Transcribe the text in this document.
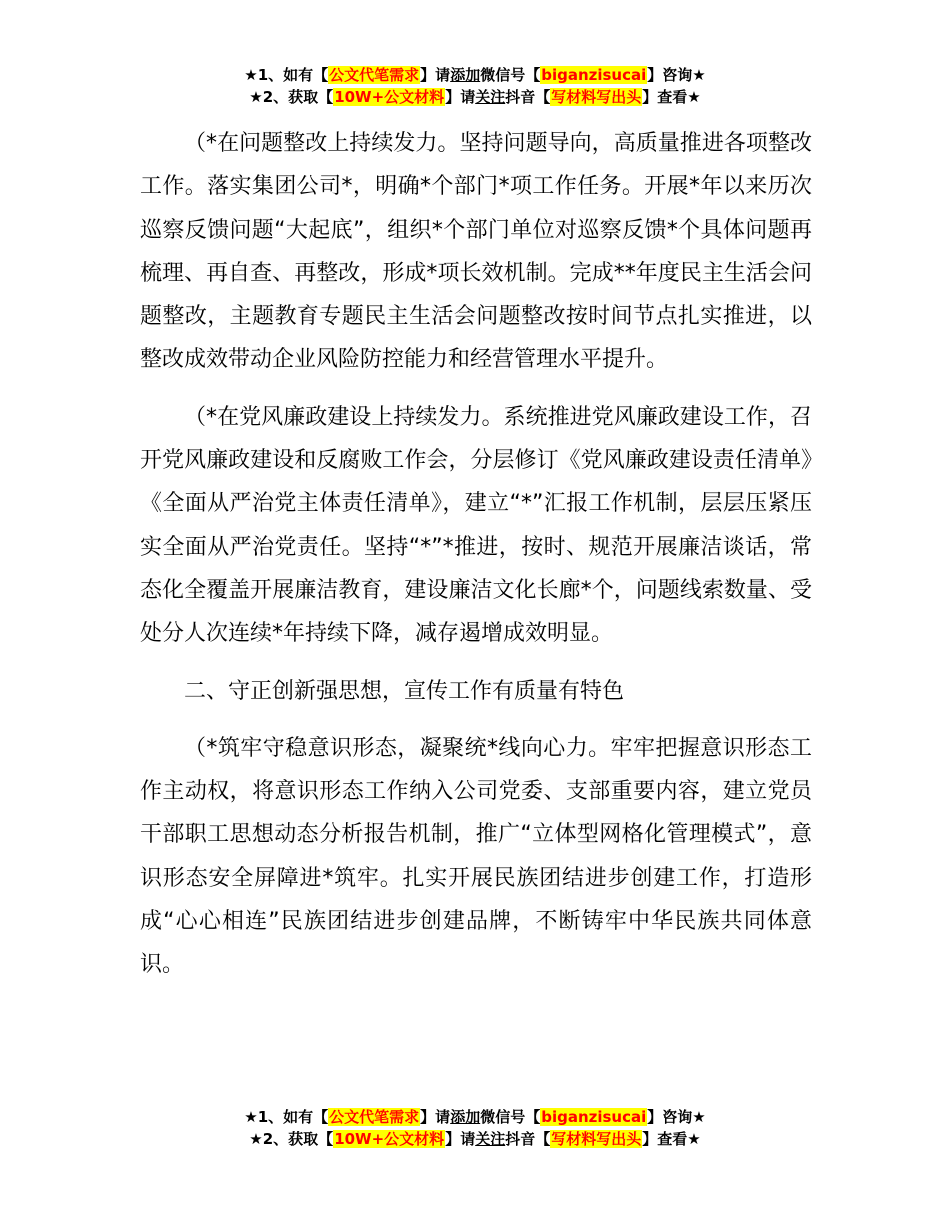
★1、如有【公文代笔需求】请添加微信号【biganzisucai】咨询★
★2、获取【10W+公文材料】请关注抖音【写材料写出头】查看★

（*在问题整改上持续发力。坚持问题导向，高质量推进各项整改工作。落实集团公司*，明确*个部门*项工作任务。开展*年以来历次巡察反馈问题“大起底”，组织*个部门单位对巡察反馈*个具体问题再梳理、再自查、再整改，形成*项长效机制。完成**年度民主生活会问题整改，主题教育专题民主生活会问题整改按时间节点扎实推进，以整改成效带动企业风险防控能力和经营管理水平提升。

（*在党风廉政建设上持续发力。系统推进党风廉政建设工作，召开党风廉政建设和反腐败工作会，分层修订《党风廉政建设责任清单》《全面从严治党主体责任清单》，建立“*”汇报工作机制，层层压紧压实全面从严治党责任。坚持“*”*推进，按时、规范开展廉洁谈话，常态化全覆盖开展廉洁教育，建设廉洁文化长廊*个，问题线索数量、受处分人次连续*年持续下降，减存遏增成效明显。

二、守正创新强思想，宣传工作有质量有特色

（*筑牢守稳意识形态，凝聚统*线向心力。牢牢把握意识形态工作主动权，将意识形态工作纳入公司党委、支部重要内容，建立党员干部职工思想动态分析报告机制，推广“立体型网格化管理模式”，意识形态安全屏障进*筑牢。扎实开展民族团结进步创建工作，打造形成“心心相连”民族团结进步创建品牌，不断铸牢中华民族共同体意识。

★1、如有【公文代笔需求】请添加微信号【biganzisucai】咨询★
★2、获取【10W+公文材料】请关注抖音【写材料写出头】查看★
